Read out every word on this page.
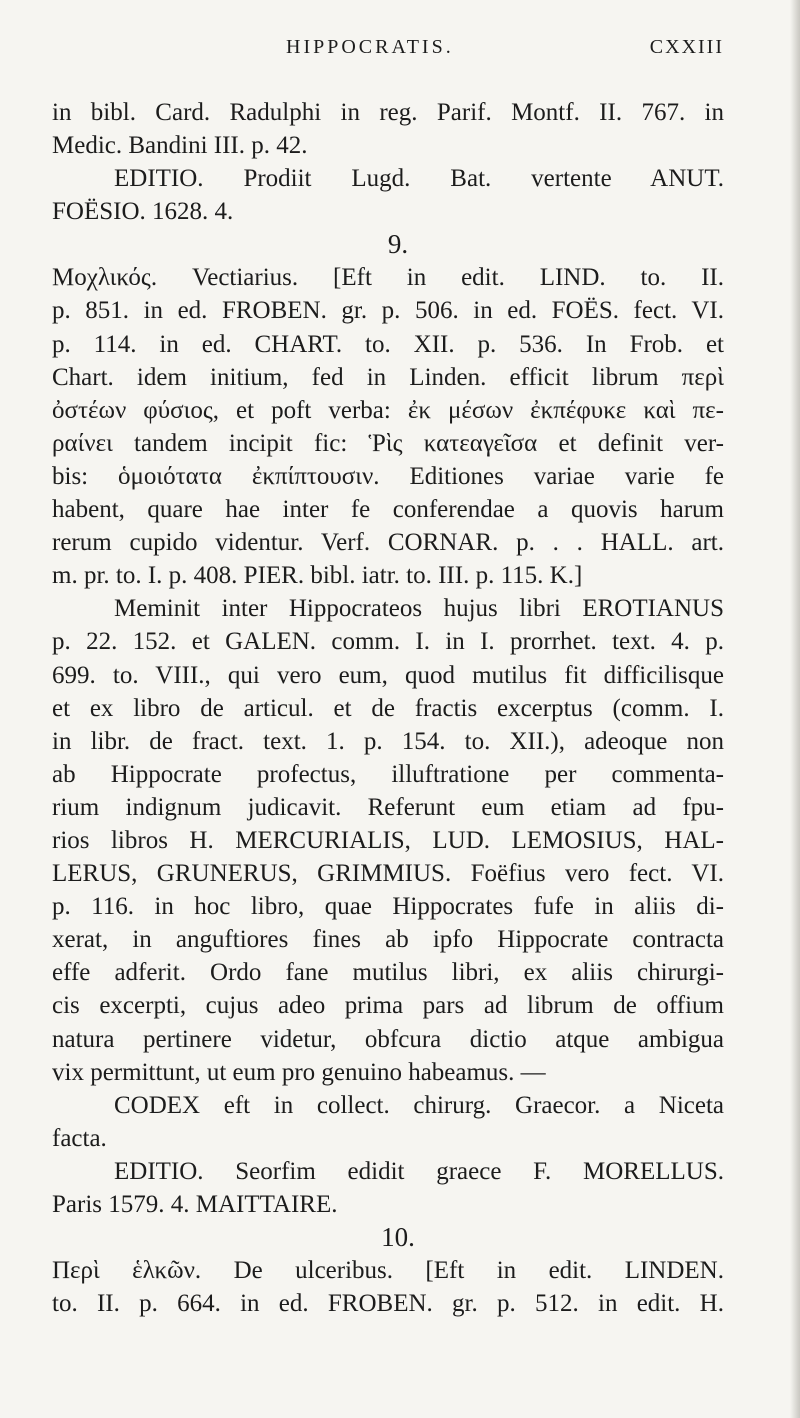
HIPPOCRATIS.	CXXIII
in bibl. Card. Radulphi in reg. Parif. Montf. II. 767. in
Medic. Bandini III. p. 42.
EDITIO. Prodiit Lugd. Bat. vertente ANUT.
FOËSIO. 1628. 4.
9.
Μοχλικός. Vectiarius. [Eft in edit. LIND. to. II.
p. 851. in ed. FROBEN. gr. p. 506. in ed. FOËS. fect. VI.
p. 114. in ed. CHART. to. XII. p. 536. In Frob. et
Chart. idem initium, fed in Linden. efficit librum περὶ
ὀστέων φύσιος, et poft verba: ἐκ μέσων ἐκπέφυκε καὶ πε-
ραίνει tandem incipit fic: Ῥὶς κατεαγεῖσα et definit ver-
bis: ὁμοιότατα ἐκπίπτουσιν. Editiones variae varie fe
habent, quare hae inter fe conferendae a quovis harum
rerum cupido videntur. Verf. CORNAR. p. . . HALL. art.
m. pr. to. I. p. 408. PIER. bibl. iatr. to. III. p. 115. K.]
Meminit inter Hippocrateos hujus libri EROTIANUS
p. 22. 152. et GALEN. comm. I. in I. prorrhet. text. 4. p.
699. to. VIII., qui vero eum, quod mutilus fit difficilisque
et ex libro de articul. et de fractis excerptus (comm. I.
in libr. de fract. text. 1. p. 154. to. XII.), adeoque non
ab Hippocrate profectus, illuftratione per commenta-
rium indignum judicavit. Referunt eum etiam ad fpu-
rios libros H. MERCURIALIS, LUD. LEMOSIUS, HAL-
LERUS, GRUNERUS, GRIMMIUS. Foëfius vero fect. VI.
p. 116. in hoc libro, quae Hippocrates fufe in aliis di-
xerat, in anguftiores fines ab ipfo Hippocrate contracta
effe adferit. Ordo fane mutilus libri, ex aliis chirurgi-
cis excerpti, cujus adeo prima pars ad librum de offium
natura pertinere videtur, obfcura dictio atque ambigua
vix permittunt, ut eum pro genuino habeamus. —
CODEX eft in collect. chirurg. Graecor. a Niceta
facta.
EDITIO. Seorfim edidit graece F. MORELLUS.
Paris 1579. 4. MAITTAIRE.
10.
Περὶ ἑλκῶν. De ulceribus. [Eft in edit. LINDEN.
to. II. p. 664. in ed. FROBEN. gr. p. 512. in edit. H.
